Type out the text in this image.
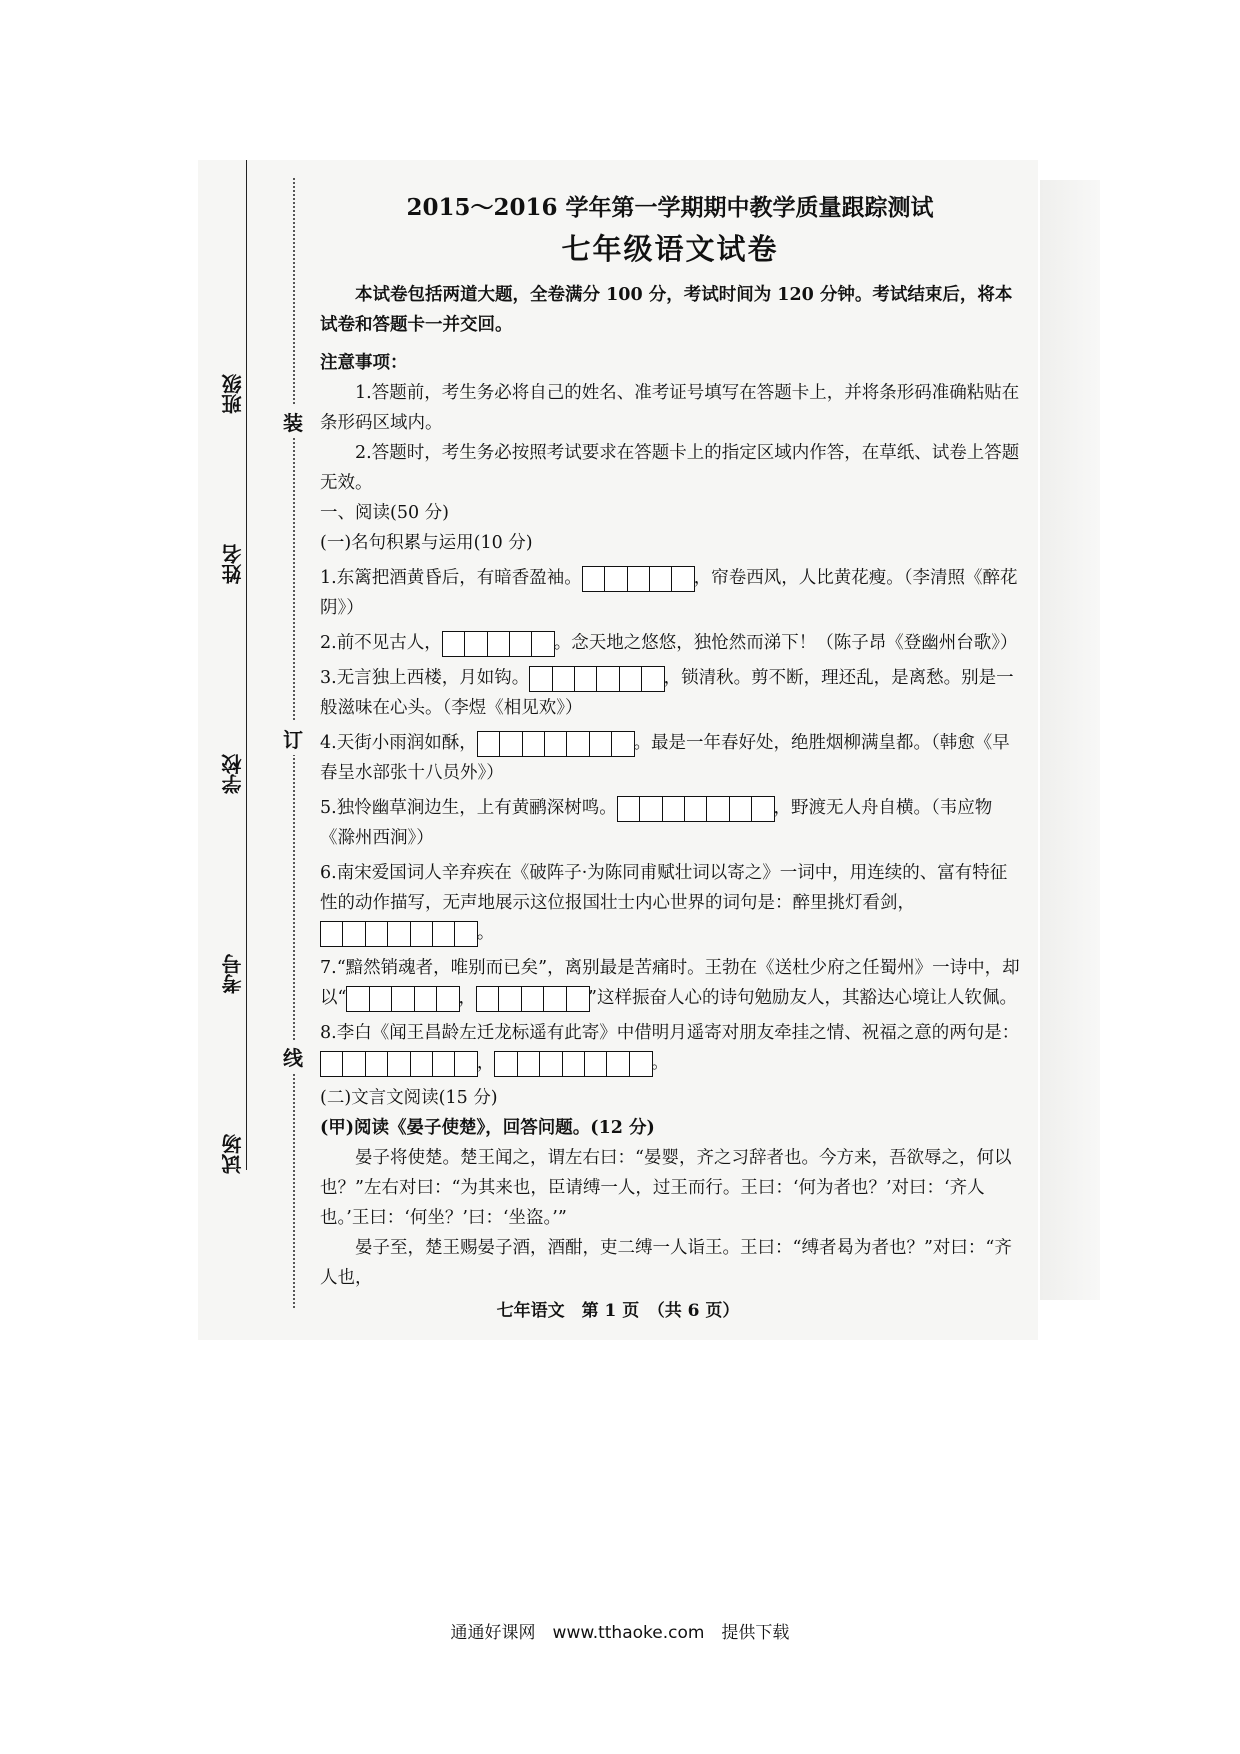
装
订
线
班级
姓名
学校
考号
试场
2015～2016 学年第一学期期中教学质量跟踪测试
七年级语文试卷

本试卷包括两道大题，全卷满分 100 分，考试时间为 120 分钟。考试结束后，将本试卷和答题卡一并交回。

注意事项：

1.答题前，考生务必将自己的姓名、准考证号填写在答题卡上，并将条形码准确粘贴在条形码区域内。

2.答题时，考生务必按照考试要求在答题卡上的指定区域内作答，在草纸、试卷上答题无效。

一、阅读(50 分)

(一)名句积累与运用(10 分)

1.东篱把酒黄昏后，有暗香盈袖。	，帘卷西风，人比黄花瘦。（李清照《醉花阴》）

2.前不见古人，	。念天地之悠悠，独怆然而涕下！（陈子昂《登幽州台歌》）

3.无言独上西楼，月如钩。	，锁清秋。剪不断，理还乱，是离愁。别是一般滋味在心头。（李煜《相见欢》）

4.天街小雨润如酥，	。最是一年春好处，绝胜烟柳满皇都。（韩愈《早春呈水部张十八员外》）

5.独怜幽草涧边生，上有黄鹂深树鸣。	，野渡无人舟自横。（韦应物《滁州西涧》）

6.南宋爱国词人辛弃疾在《破阵子·为陈同甫赋壮词以寄之》一词中，用连续的、富有特征性的动作描写，无声地展示这位报国壮士内心世界的词句是：醉里挑灯看剑，。

7.“黯然销魂者，唯别而已矣”，离别最是苦痛时。王勃在《送杜少府之任蜀州》一诗中，却以“	，	”这样振奋人心的诗句勉励友人，其豁达心境让人钦佩。

8.李白《闻王昌龄左迁龙标遥有此寄》中借明月遥寄对朋友牵挂之情、祝福之意的两句是：，	。

(二)文言文阅读(15 分)

(甲)阅读《晏子使楚》，回答问题。(12 分)

晏子将使楚。楚王闻之，谓左右曰：“晏婴，齐之习辞者也。今方来，吾欲辱之，何以也？”左右对曰：“为其来也，臣请缚一人，过王而行。王曰：‘何为者也？’对曰：‘齐人也。’王曰：‘何坐？’曰：‘坐盗。’”

晏子至，楚王赐晏子酒，酒酣，吏二缚一人诣王。王曰：“缚者曷为者也？”对曰：“齐人也，

七年语文　第 1 页　（共 6 页）
通通好课网　www.tthaoke.com　提供下载
